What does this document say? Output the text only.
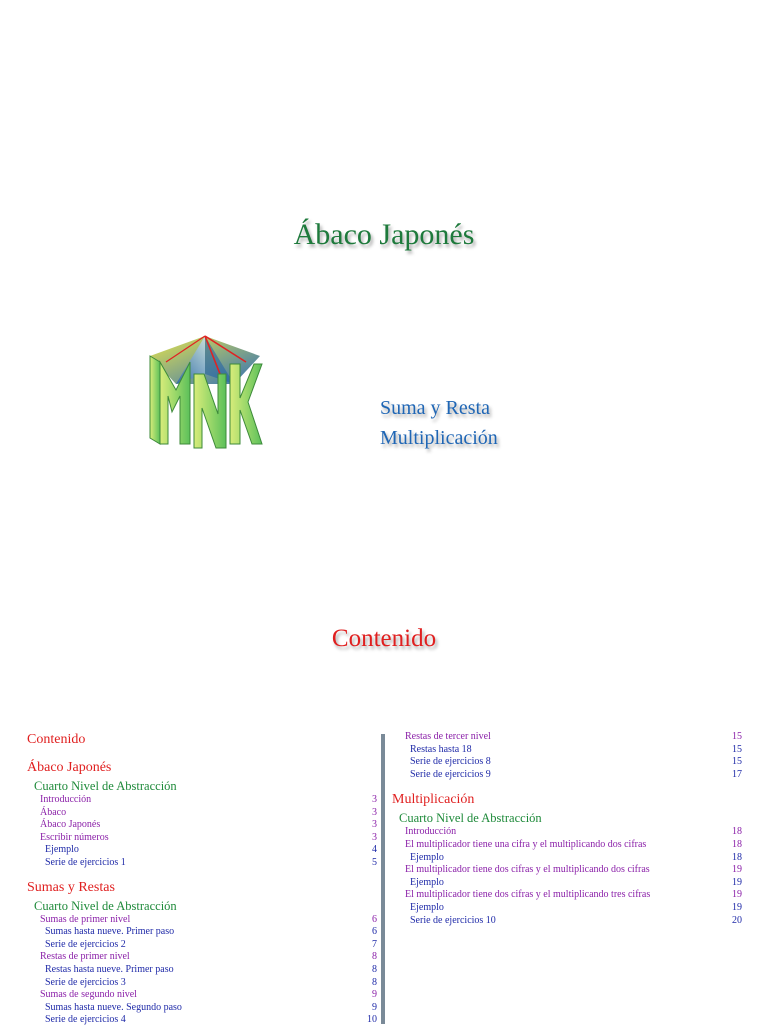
Ábaco Japonés
Suma y Resta
Multiplicación
Contenido
Contenido
Ábaco Japonés
Cuarto Nivel de Abstracción
Introducción	3
Ábaco	3
Ábaco Japonés	3
Escribir números	3
Ejemplo	4
Serie de ejercicios 1	5
Sumas y Restas
Cuarto Nivel de Abstracción
Sumas de primer nivel	6
Sumas hasta nueve. Primer paso	6
Serie de ejercicios 2	7
Restas de primer nivel	8
Restas hasta nueve. Primer paso	8
Serie de ejercicios 3	8
Sumas de segundo nivel	9
Sumas hasta nueve. Segundo paso	9
Serie de ejercicios 4	10
Restas de tercer nivel	15
Restas hasta 18	15
Serie de ejercicios 8	15
Serie de ejercicios 9	17
Multiplicación
Cuarto Nivel de Abstracción
Introducción	18
El multiplicador tiene una cifra y el multiplicando dos cifras	18
Ejemplo	18
El multiplicador tiene dos cifras y el multiplicando dos cifras	19
Ejemplo	19
El multiplicador tiene dos cifras y el multiplicando tres cifras	19
Ejemplo	19
Serie de ejercicios 10	20
